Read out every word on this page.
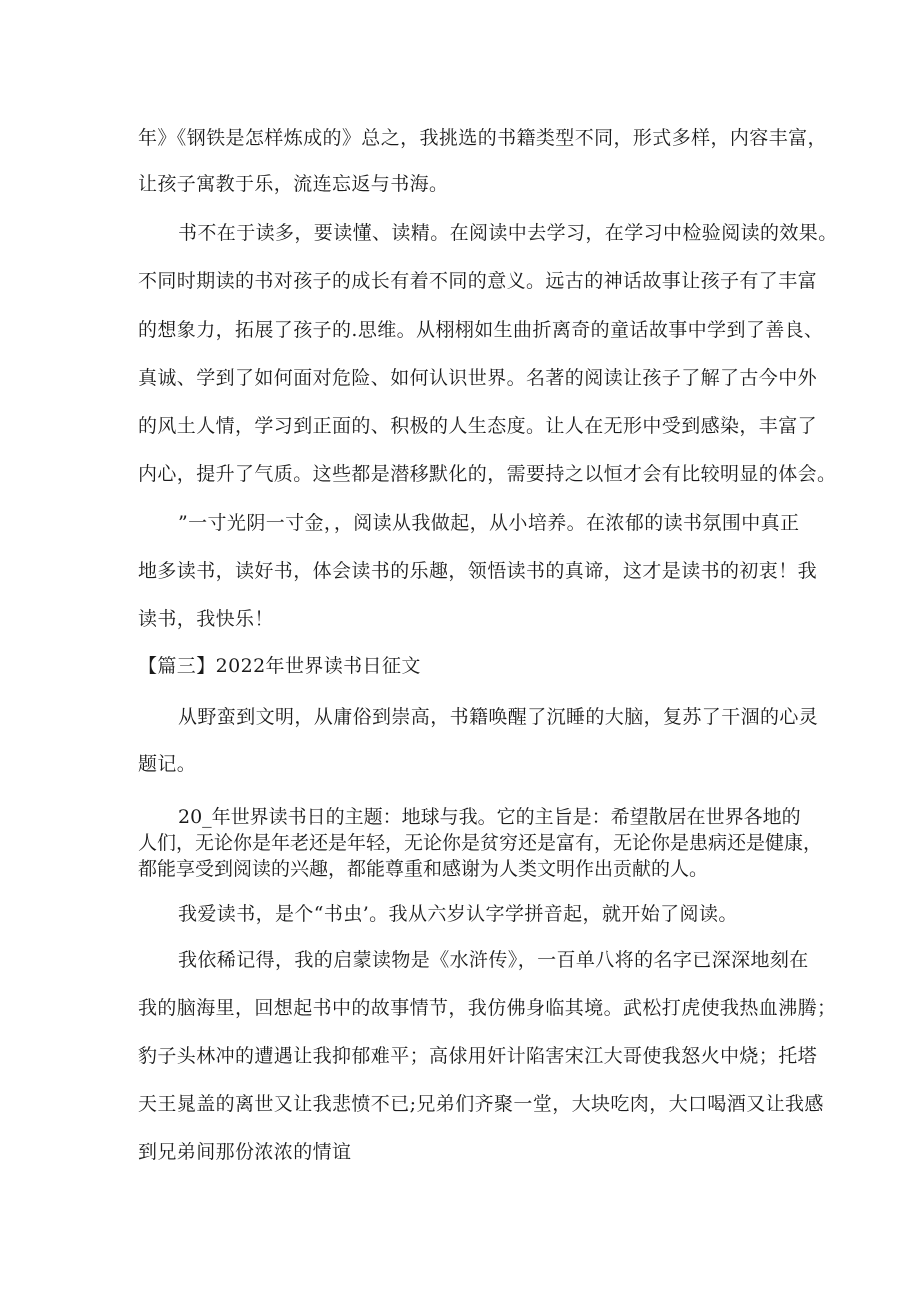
年》《钢铁是怎样炼成的》总之，我挑选的书籍类型不同，形式多样，内容丰富，
让孩子寓教于乐，流连忘返与书海。
书不在于读多，要读懂、读精。在阅读中去学习，在学习中检验阅读的效果。
不同时期读的书对孩子的成长有着不同的意义。远古的神话故事让孩子有了丰富
的想象力，拓展了孩子的.思维。从栩栩如生曲折离奇的童话故事中学到了善良、
真诚、学到了如何面对危险、如何认识世界。名著的阅读让孩子了解了古今中外
的风土人情，学习到正面的、积极的人生态度。让人在无形中受到感染，丰富了
内心，提升了气质。这些都是潜移默化的，需要持之以恒才会有比较明显的体会。
”一寸光阴一寸金，，阅读从我做起，从小培养。在浓郁的读书氛围中真正
地多读书，读好书，体会读书的乐趣，领悟读书的真谛，这才是读书的初衷！我
读书，我快乐！
【篇三】2022年世界读书日征文
从野蛮到文明，从庸俗到崇高，书籍唤醒了沉睡的大脑，复苏了干涸的心灵
题记。
20_年世界读书日的主题：地球与我。它的主旨是：希望散居在世界各地的
人们，无论你是年老还是年轻，无论你是贫穷还是富有，无论你是患病还是健康，
都能享受到阅读的兴趣，都能尊重和感谢为人类文明作出贡献的人。
我爱读书，是个“书虫’。我从六岁认字学拼音起，就开始了阅读。
我依稀记得，我的启蒙读物是《水浒传》，一百单八将的名字已深深地刻在
我的脑海里，回想起书中的故事情节，我仿佛身临其境。武松打虎使我热血沸腾；
豹子头林冲的遭遇让我抑郁难平；高俅用奸计陷害宋江大哥使我怒火中烧；托塔
天王晁盖的离世又让我悲愤不已;兄弟们齐聚一堂，大块吃肉，大口喝酒又让我感
到兄弟间那份浓浓的情谊
